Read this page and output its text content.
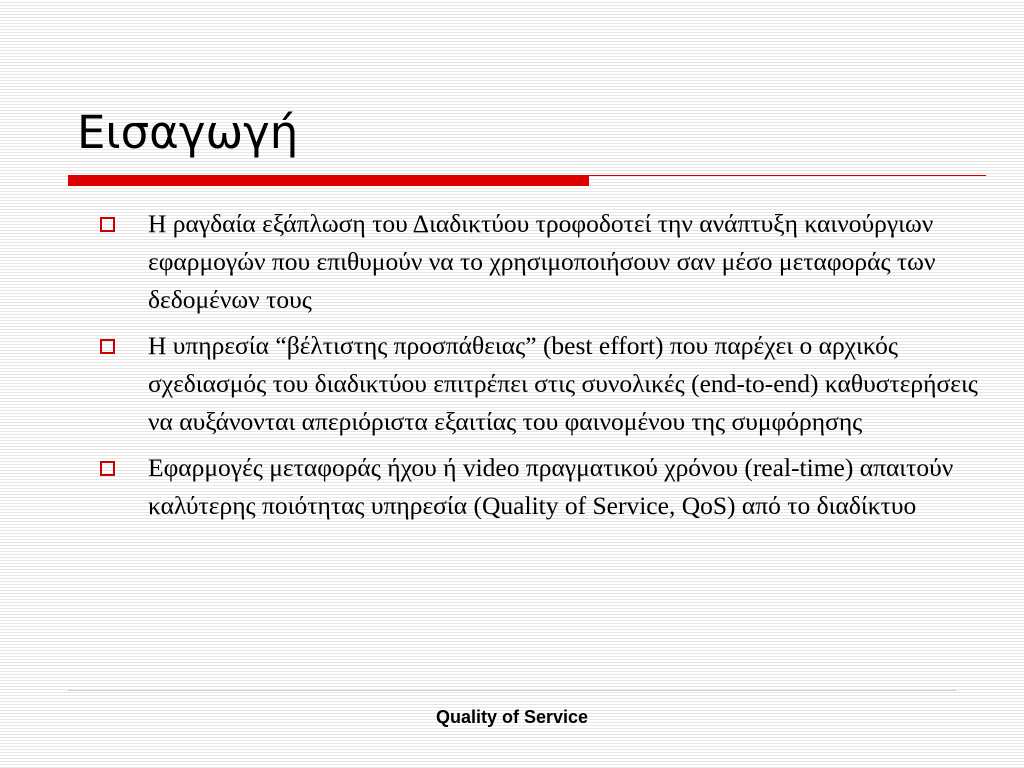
Εισαγωγή
Η ραγδαία εξάπλωση του Διαδικτύου τροφοδοτεί την ανάπτυξη καινούργιων εφαρμογών που επιθυμούν να το χρησιμοποιήσουν σαν μέσο μεταφοράς των δεδομένων τους
Η υπηρεσία “βέλτιστης προσπάθειας” (best effort) που παρέχει ο αρχικός σχεδιασμός του διαδικτύου επιτρέπει στις συνολικές (end-to-end) καθυστερήσεις να αυξάνονται απεριόριστα εξαιτίας του φαινομένου της συμφόρησης
Εφαρμογές μεταφοράς ήχου ή video πραγματικού χρόνου (real-time) απαιτούν καλύτερης ποιότητας υπηρεσία (Quality of Service, QoS) από το διαδίκτυο
Quality of Service
